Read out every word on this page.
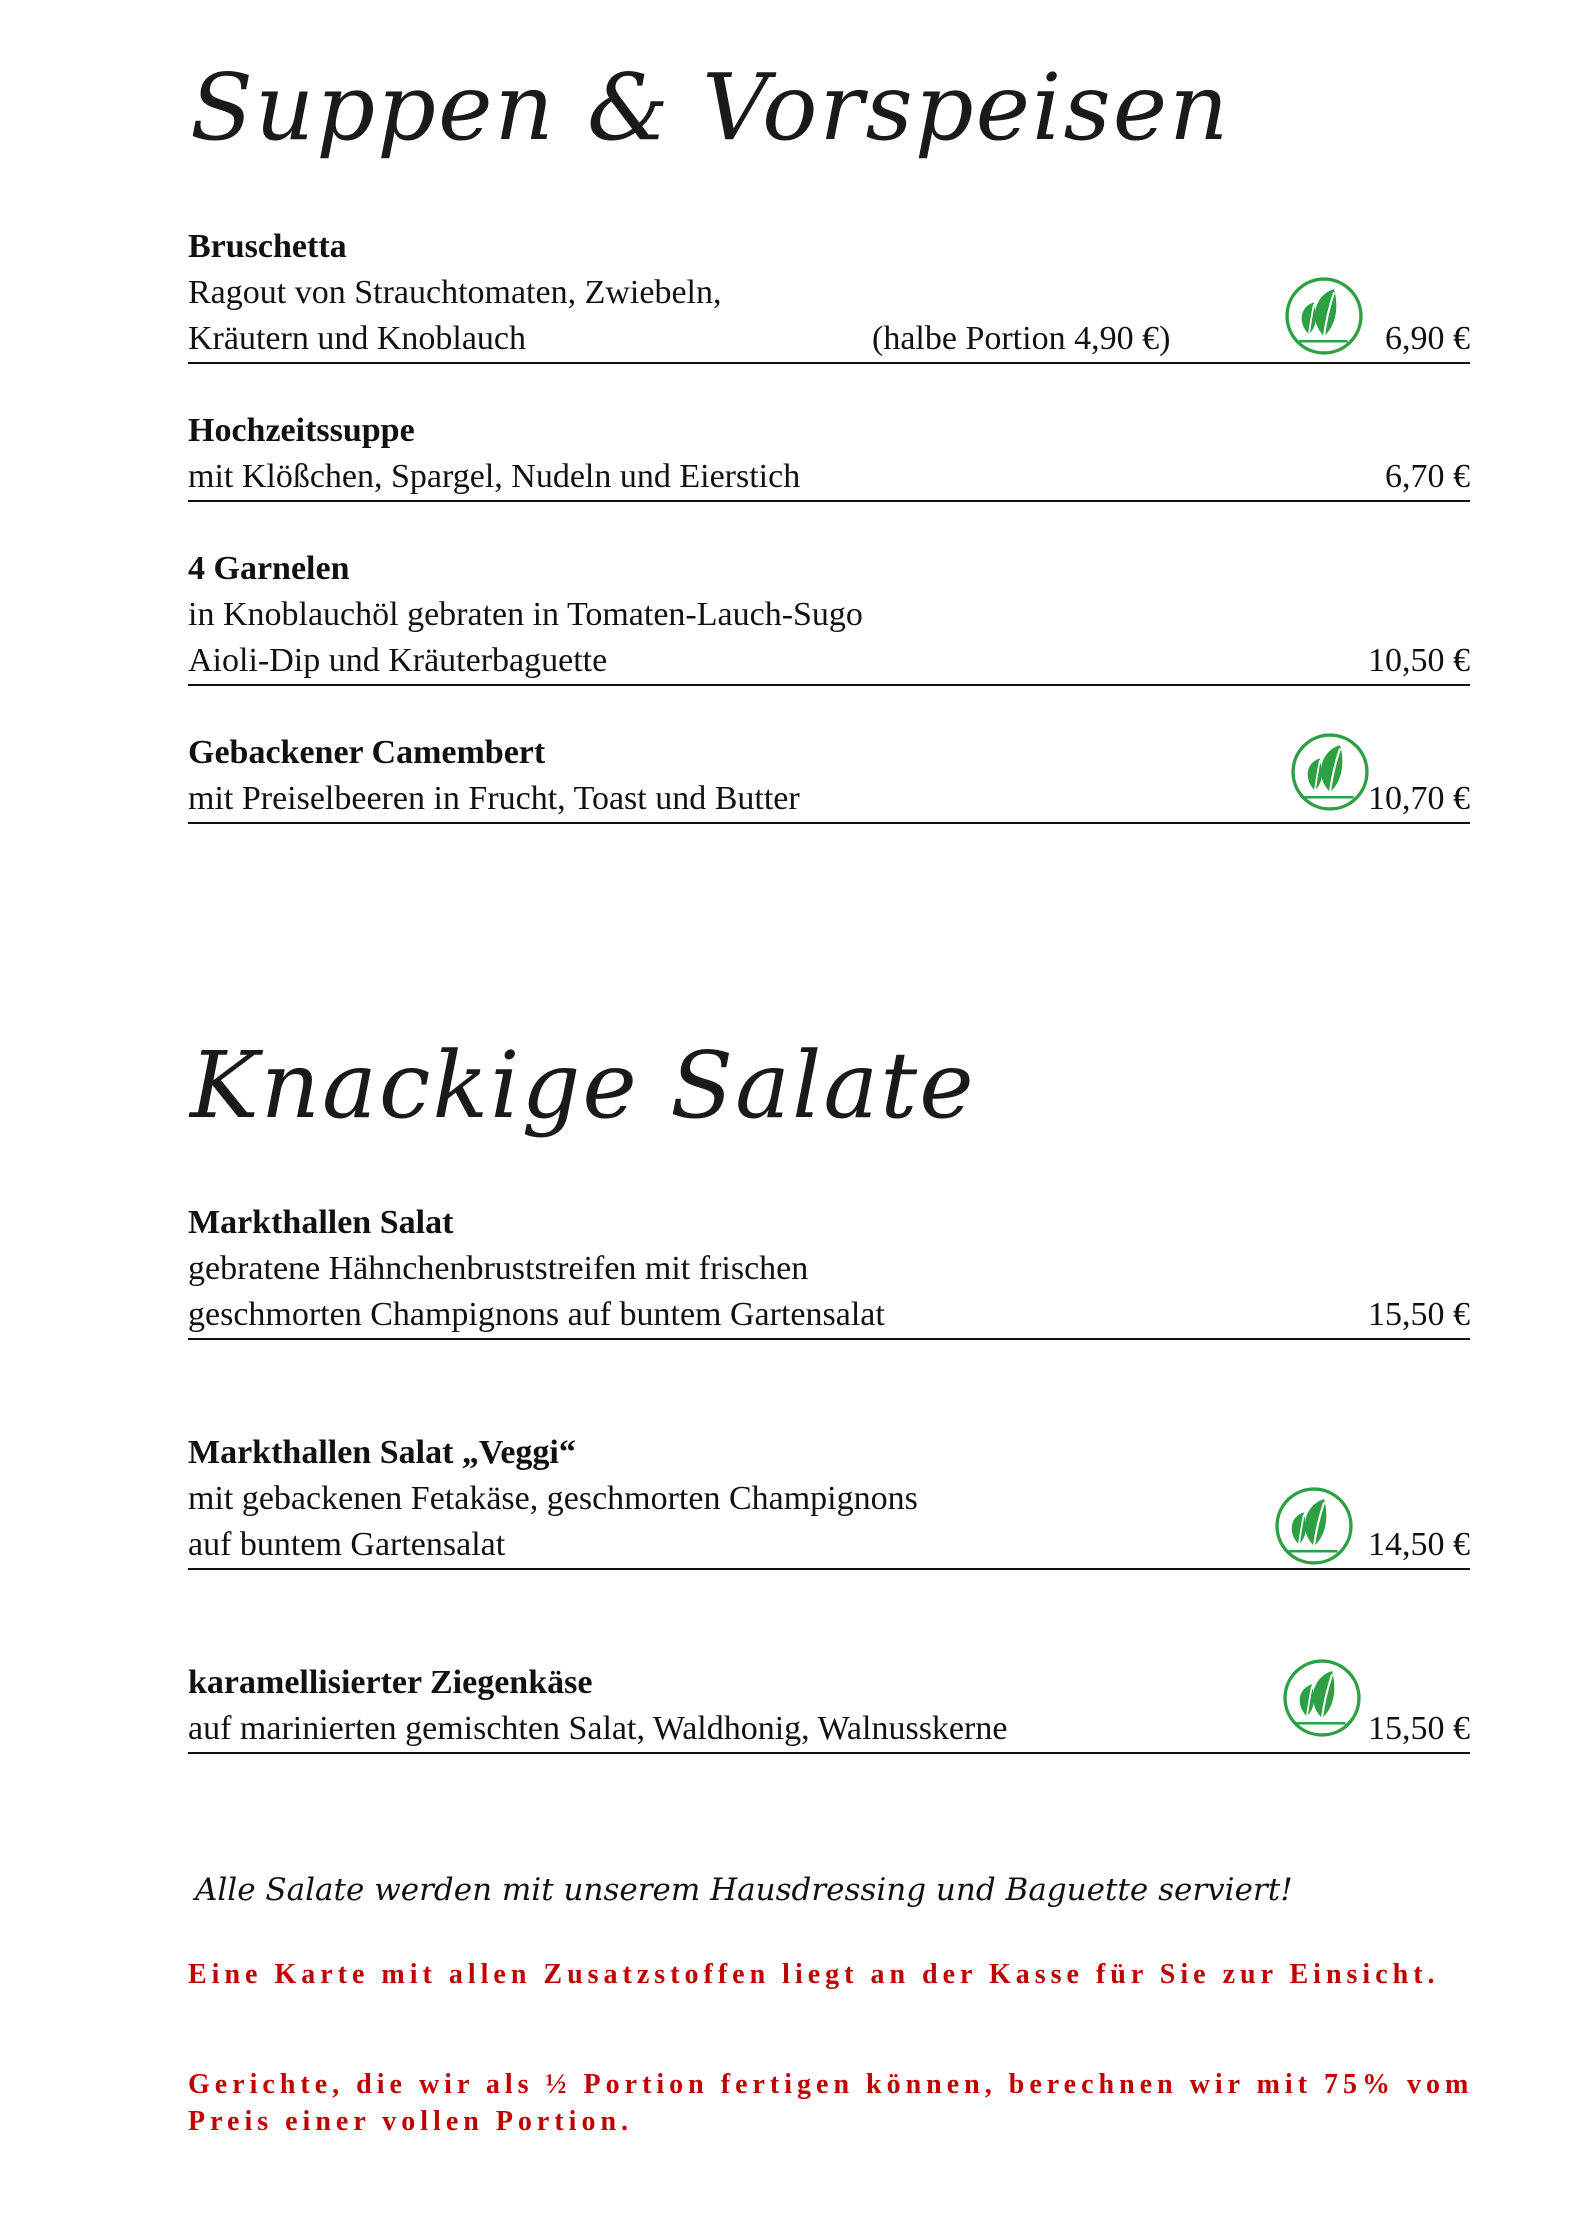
Suppen & Vorspeisen

Bruschetta

Ragout von Strauchtomaten, Zwiebeln,

Kräutern und Knoblauch	(halbe Portion 4,90 €)	6,90 €

Hochzeitssuppe

mit Klößchen, Spargel, Nudeln und Eierstich	6,70 €

4 Garnelen

in Knoblauchöl gebraten in Tomaten-Lauch-Sugo

Aioli-Dip und Kräuterbaguette	10,50 €

Gebackener Camembert

mit Preiselbeeren in Frucht, Toast und Butter	10,70 €
Knackige Salate

Markthallen Salat

gebratene Hähnchenbruststreifen mit frischen

geschmorten Champignons auf buntem Gartensalat	15,50 €

Markthallen Salat „Veggi“

mit gebackenen Fetakäse, geschmorten Champignons

auf buntem Gartensalat	14,50 €

karamellisierter Ziegenkäse

auf marinierten gemischten Salat, Waldhonig, Walnusskerne	15,50 €

Alle Salate werden mit unserem Hausdressing und Baguette serviert!

Eine Karte mit allen Zusatzstoffen liegt an der Kasse für Sie zur Einsicht.

Gerichte, die wir als ½ Portion fertigen können, berechnen wir mit 75% vom Preis einer vollen Portion.
